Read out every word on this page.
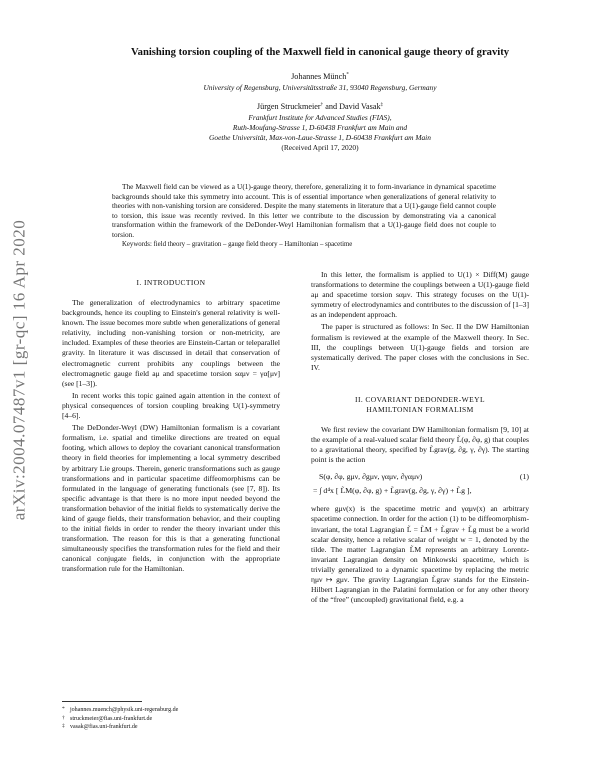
arXiv:2004.07487v1 [gr-qc] 16 Apr 2020
Vanishing torsion coupling of the Maxwell field in canonical gauge theory of gravity
Johannes Münch*
University of Regensburg, Universitätsstraße 31, 93040 Regensburg, Germany
Jürgen Struckmeier† and David Vasak‡
Frankfurt Institute for Advanced Studies (FIAS),
Ruth-Moufang-Strasse 1, D-60438 Frankfurt am Main and
Goethe Universität, Max-von-Laue-Strasse 1, D-60438 Frankfurt am Main
(Received April 17, 2020)

The Maxwell field can be viewed as a U(1)-gauge theory, therefore, generalizing it to form-invariance in dynamical spacetime backgrounds should take this symmetry into account. This is of essential importance when generalizations of general relativity to theories with non-vanishing torsion are considered. Despite the many statements in literature that a U(1)-gauge field cannot couple to torsion, this issue was recently revived. In this letter we contribute to the discussion by demonstrating via a canonical transformation within the framework of the DeDonder-Weyl Hamiltonian formalism that a U(1)-gauge field does not couple to torsion.

Keywords: field theory – gravitation – gauge field theory – Hamiltonian – spacetime

I. INTRODUCTION

The generalization of electrodynamics to arbitrary spacetime backgrounds, hence its coupling to Einstein's general relativity is well-known. The issue becomes more subtle when generalizations of general relativity, including non-vanishing torsion or non-metricity, are included. Examples of these theories are Einstein-Cartan or teleparallel gravity. In literature it was discussed in detail that conservation of electromagnetic current prohibits any couplings between the electromagnetic gauge field aμ and spacetime torsion sαμν = γα[μν] (see [1–3]).

In recent works this topic gained again attention in the context of physical consequences of torsion coupling breaking U(1)-symmetry [4–6].

The DeDonder-Weyl (DW) Hamiltonian formalism is a covariant formalism, i.e. spatial and timelike directions are treated on equal footing, which allows to deploy the covariant canonical transformation theory in field theories for implementing a local symmetry described by arbitrary Lie groups. Therein, generic transformations such as gauge transformations and in particular spacetime diffeomorphisms can be formulated in the language of generating functionals (see [7, 8]). Its specific advantage is that there is no more input needed beyond the transformation behavior of the initial fields to systematically derive the kind of gauge fields, their transformation behavior, and their coupling to the initial fields in order to render the theory invariant under this transformation. The reason for this is that a generating functional simultaneously specifies the transformation rules for the field and their canonical conjugate fields, in conjunction with the appropriate transformation rule for the Hamiltonian.

In this letter, the formalism is applied to U(1) × Diff(M) gauge transformations to determine the couplings between a U(1)-gauge field aμ and spacetime torsion sαμν. This strategy focuses on the U(1)-symmetry of electrodynamics and contributes to the discussion of [1–3] as an independent approach.

The paper is structured as follows: In Sec. II the DW Hamiltonian formalism is reviewed at the example of the Maxwell theory. In Sec. III, the couplings between U(1)-gauge fields and torsion are systematically derived. The paper closes with the conclusions in Sec. IV.

II. COVARIANT DEDONDER-WEYL
HAMILTONIAN FORMALISM

We first review the covariant DW Hamiltonian formalism [9, 10] at the example of a real-valued scalar field theory L̃(φ, ∂φ, g) that couples to a gravitational theory, specified by L̃grav(g, ∂g, γ, ∂γ). The starting point is the action

S(φ, ∂φ, gμν, ∂gμν, γαμν, ∂γαμν)
= ∫ d⁴x [ L̃M(φ, ∂φ, g) + L̃grav(g, ∂g, γ, ∂γ) + L̃g ],
(1)

where gμν(x) is the spacetime metric and γαμν(x) an arbitrary spacetime connection. In order for the action (1) to be diffeomorphism-invariant, the total Lagrangian L̃ = L̃M + L̃grav + L̃g must be a world scalar density, hence a relative scalar of weight w = 1, denoted by the tilde. The matter Lagrangian L̃M represents an arbitrary Lorentz-invariant Lagrangian density on Minkowski spacetime, which is trivially generalized to a dynamic spacetime by replacing the metric ημν ↦ gμν. The gravity Lagrangian L̃grav stands for the Einstein-Hilbert Lagrangian in the Palatini formulation or for any other theory of the “free” (uncoupled) gravitational field, e.g. a

* johannes.muench@physik.uni-regensburg.de
† struckmeier@fias.uni-frankfurt.de
‡ vasak@fias.uni-frankfurt.de
